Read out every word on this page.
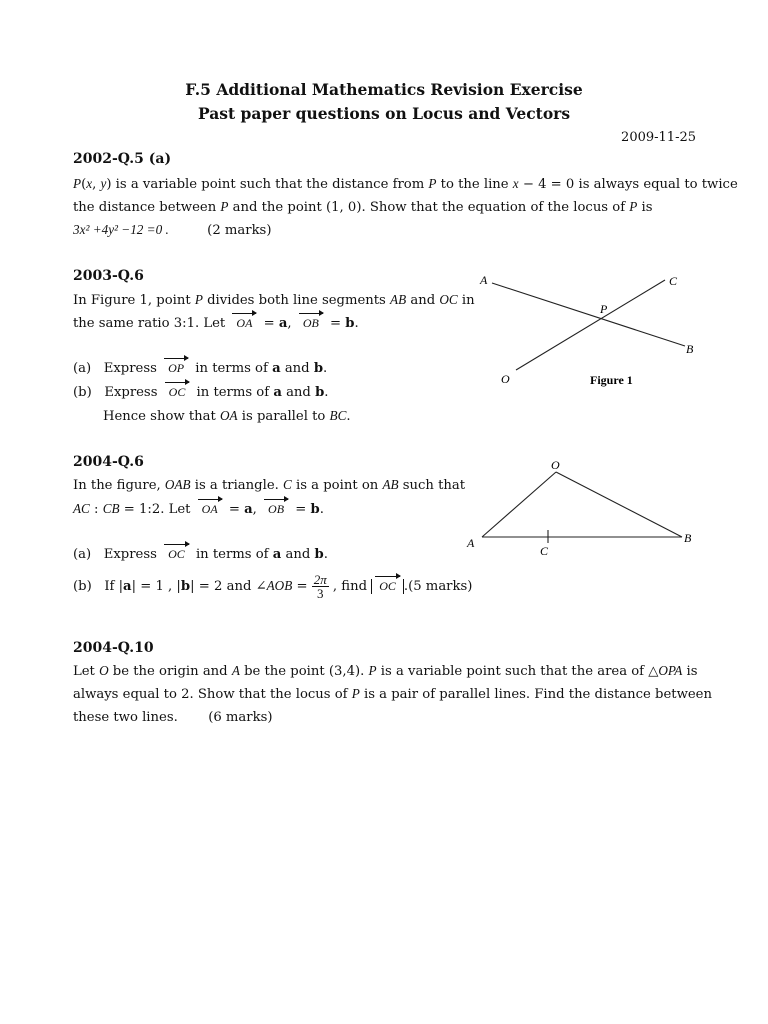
F.5 Additional Mathematics Revision Exercise
Past paper questions on Locus and Vectors
2009-11-25
2002-Q.5 (a)
P(x, y) is a variable point such that the distance from P to the line x − 4 = 0 is always equal to twice
the distance between P and the point (1, 0). Show that the equation of the locus of P is
3x² +4y² −12 =0 .	(2 marks)
2003-Q.6
In Figure 1, point P divides both line segments AB and OC in
the same ratio 3:1. Let OA = a, OB = b.
(a) Express OP in terms of a and b.
(b) Express OC in terms of a and b.
Hence show that OA is parallel to BC.
A	C
P
B
O	Figure 1
2004-Q.6
In the figure, OAB is a triangle. C is a point on AB such that
AC : CB = 1:2. Let OA = a, OB = b.
(a) Express OC in terms of a and b.
(b) If |a| = 1 , |b| = 2 and ∠AOB = $\frac{2\pi}{3}$ , find
OC .(5 marks)
O
A	B
C
2004-Q.10
Let O be the origin and A be the point (3,4). P is a variable point such that the area of △OPA is
always equal to 2. Show that the locus of P is a pair of parallel lines. Find the distance between
these two lines. (6 marks)
